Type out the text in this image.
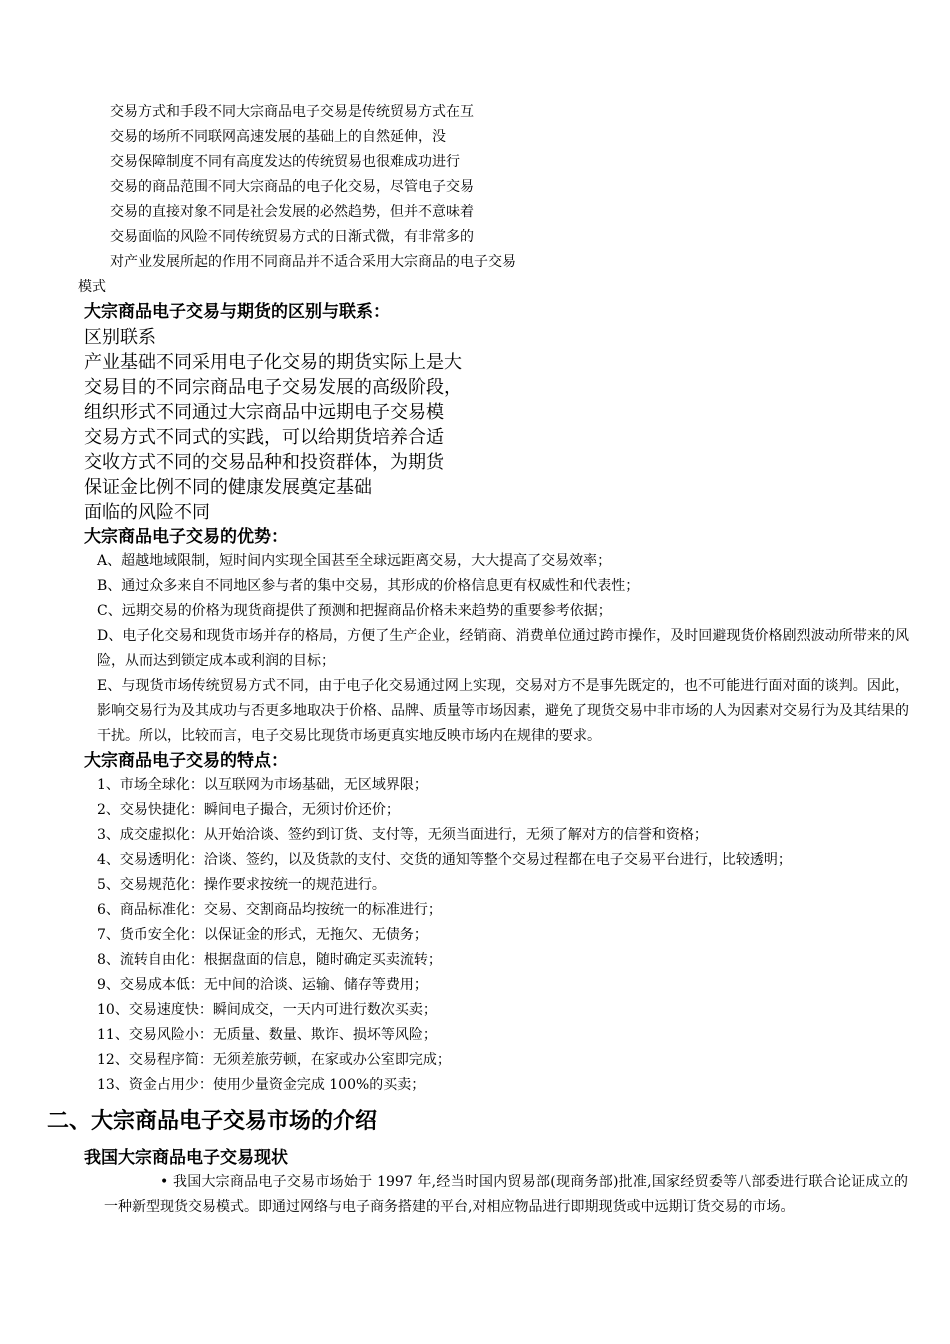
交易方式和手段不同大宗商品电子交易是传统贸易方式在互

交易的场所不同联网高速发展的基础上的自然延伸，没

交易保障制度不同有高度发达的传统贸易也很难成功进行

交易的商品范围不同大宗商品的电子化交易，尽管电子交易

交易的直接对象不同是社会发展的必然趋势，但并不意味着

交易面临的风险不同传统贸易方式的日渐式微，有非常多的

对产业发展所起的作用不同商品并不适合采用大宗商品的电子交易

模式

大宗商品电子交易与期货的区别与联系：

区别联系

产业基础不同采用电子化交易的期货实际上是大

交易目的不同宗商品电子交易发展的高级阶段，

组织形式不同通过大宗商品中远期电子交易模

交易方式不同式的实践，可以给期货培养合适

交收方式不同的交易品种和投资群体，为期货

保证金比例不同的健康发展奠定基础

面临的风险不同

大宗商品电子交易的优势：

A、超越地域限制，短时间内实现全国甚至全球远距离交易，大大提高了交易效率；

B、通过众多来自不同地区参与者的集中交易，其形成的价格信息更有权威性和代表性；

C、远期交易的价格为现货商提供了预测和把握商品价格未来趋势的重要参考依据；

D、电子化交易和现货市场并存的格局，方便了生产企业，经销商、消费单位通过跨市操作，及时回避现货价格剧烈波动所带来的风险，从而达到锁定成本或利润的目标；

E、与现货市场传统贸易方式不同，由于电子化交易通过网上实现，交易对方不是事先既定的，也不可能进行面对面的谈判。因此，影响交易行为及其成功与否更多地取决于价格、品牌、质量等市场因素，避免了现货交易中非市场的人为因素对交易行为及其结果的干扰。所以，比较而言，电子交易比现货市场更真实地反映市场内在规律的要求。

大宗商品电子交易的特点：

1、市场全球化：以互联网为市场基础，无区域界限；

2、交易快捷化：瞬间电子撮合，无须讨价还价；

3、成交虚拟化：从开始洽谈、签约到订货、支付等，无须当面进行，无须了解对方的信誉和资格；

4、交易透明化：洽谈、签约，以及货款的支付、交货的通知等整个交易过程都在电子交易平台进行，比较透明；

5、交易规范化：操作要求按统一的规范进行。

6、商品标准化：交易、交割商品均按统一的标准进行；

7、货币安全化：以保证金的形式，无拖欠、无债务；

8、流转自由化：根据盘面的信息，随时确定买卖流转；

9、交易成本低：无中间的洽谈、运输、储存等费用；

10、交易速度快：瞬间成交，一天内可进行数次买卖；

11、交易风险小：无质量、数量、欺诈、损坏等风险；

12、交易程序简：无须差旅劳顿，在家或办公室即完成；

13、资金占用少：使用少量资金完成 100%的买卖；

二、大宗商品电子交易市场的介绍

我国大宗商品电子交易现状

• 我国大宗商品电子交易市场始于 1997 年,经当时国内贸易部(现商务部)批准,国家经贸委等八部委进行联合论证成立的一种新型现货交易模式。即通过网络与电子商务搭建的平台,对相应物品进行即期现货或中远期订货交易的市场。
